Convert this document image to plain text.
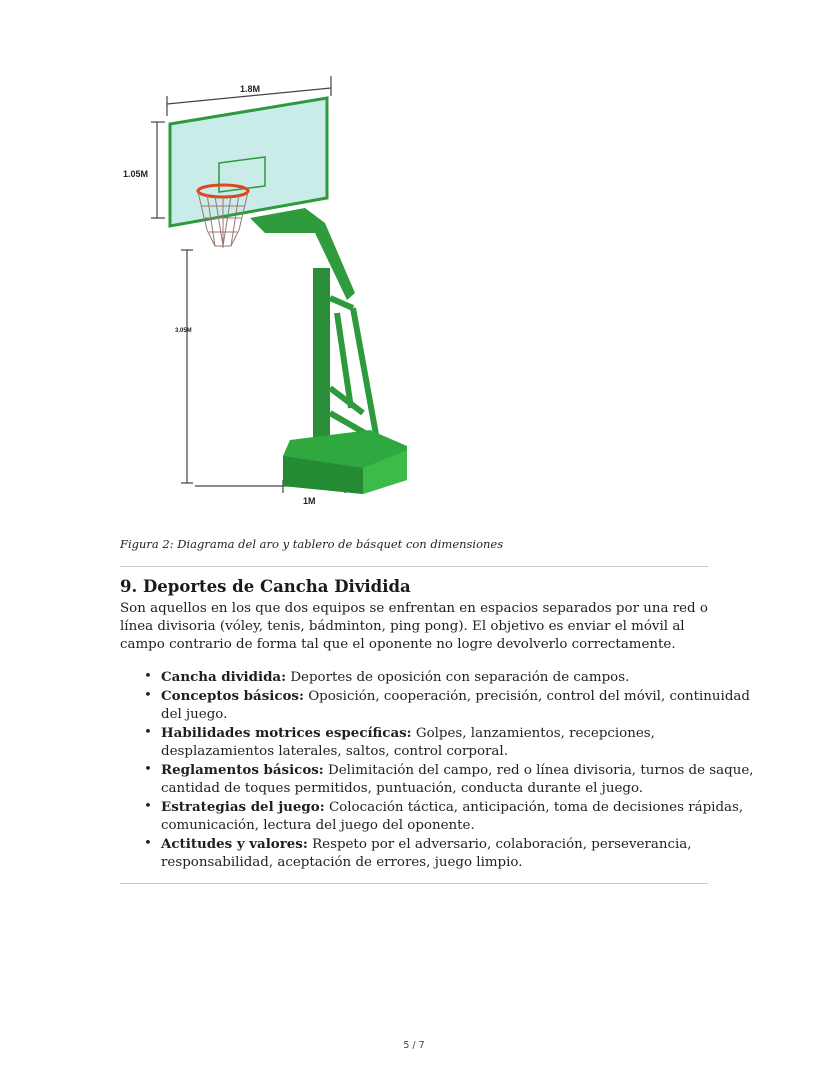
1.8M
1.05M
3.05M
1M
Figura 2: Diagrama del aro y tablero de básquet con dimensiones
9. Deportes de Cancha Dividida

Son aquellos en los que dos equipos se enfrentan en espacios separados por una red o línea divisoria (vóley, tenis, bádminton, ping pong). El objetivo es enviar el móvil al campo contrario de forma tal que el oponente no logre devolverlo correctamente.

• Cancha dividida: Deportes de oposición con separación de campos.
• Conceptos básicos: Oposición, cooperación, precisión, control del móvil, continuidad del juego.
• Habilidades motrices específicas: Golpes, lanzamientos, recepciones, desplazamientos laterales, saltos, control corporal.
• Reglamentos básicos: Delimitación del campo, red o línea divisoria, turnos de saque, cantidad de toques permitidos, puntuación, conducta durante el juego.
• Estrategias del juego: Colocación táctica, anticipación, toma de decisiones rápidas, comunicación, lectura del juego del oponente.
• Actitudes y valores: Respeto por el adversario, colaboración, perseverancia, responsabilidad, aceptación de errores, juego limpio.
5 / 7
